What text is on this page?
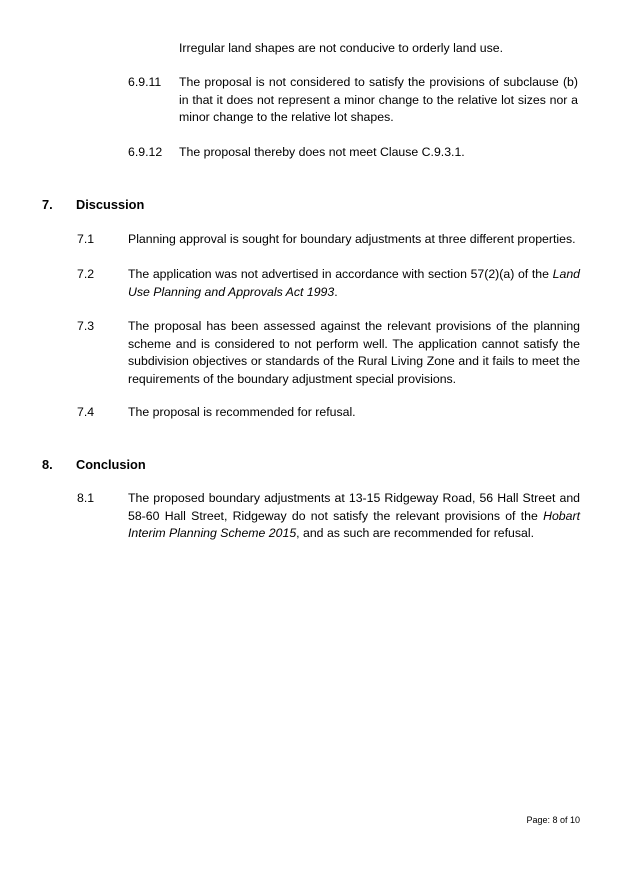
Irregular land shapes are not conducive to orderly land use.
6.9.11 The proposal is not considered to satisfy the provisions of subclause (b) in that it does not represent a minor change to the relative lot sizes nor a minor change to the relative lot shapes.
6.9.12 The proposal thereby does not meet Clause C.9.3.1.
7. Discussion
7.1	Planning approval is sought for boundary adjustments at three different properties.
7.2	The application was not advertised in accordance with section 57(2)(a) of the Land Use Planning and Approvals Act 1993.
7.3	The proposal has been assessed against the relevant provisions of the planning scheme and is considered to not perform well. The application cannot satisfy the subdivision objectives or standards of the Rural Living Zone and it fails to meet the requirements of the boundary adjustment special provisions.
7.4	The proposal is recommended for refusal.
8. Conclusion
8.1	The proposed boundary adjustments at 13-15 Ridgeway Road, 56 Hall Street and 58-60 Hall Street, Ridgeway do not satisfy the relevant provisions of the Hobart Interim Planning Scheme 2015, and as such are recommended for refusal.
Page: 8 of 10
